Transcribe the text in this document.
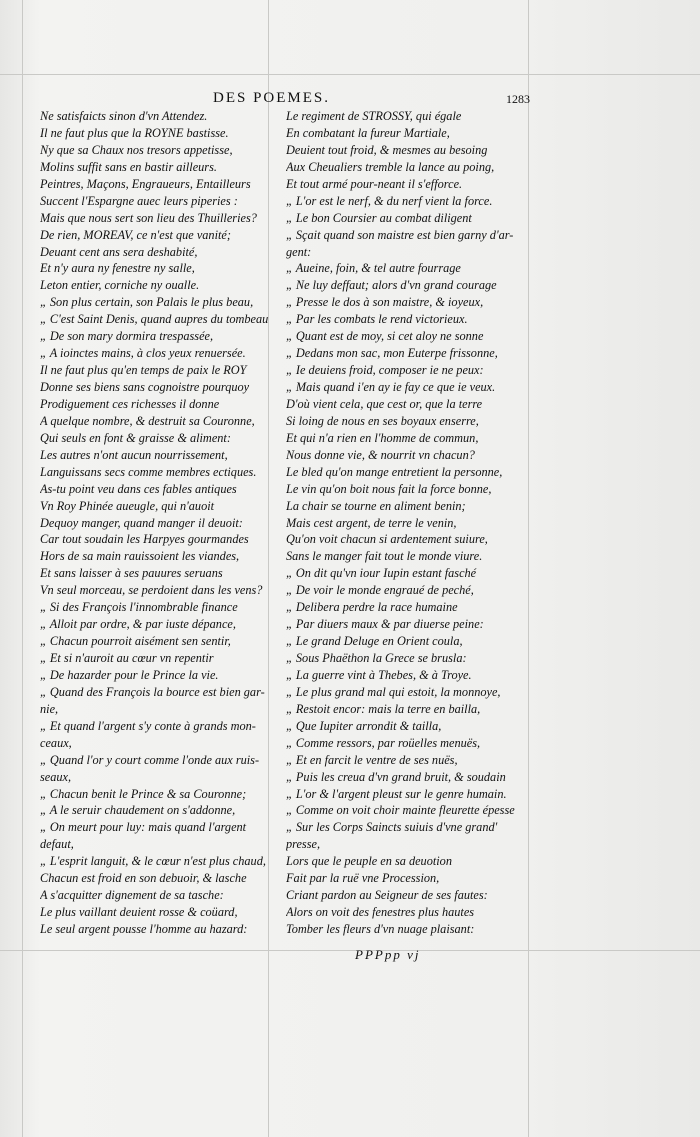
DES POEMES.	1283
Ne satisfaicts sinon d'vn Attendez.
Il ne faut plus que la ROYNE bastisse.
Ny que sa Chaux nos tresors appetisse,
Molins suffit sans en bastir ailleurs.
Peintres, Maçons, Engraueurs, Entailleurs
Succent l'Espargne auec leurs piperies :
Mais que nous sert son lieu des Thuilleries?
De rien, MOREAV, ce n'est que vanité;
Deuant cent ans sera deshabité,
Et n'y aura ny fenestre ny salle,
Leton entier, corniche ny oualle.
„ Son plus certain, son Palais le plus beau,
„ C'est Saint Denis, quand aupres du tombeau
„ De son mary dormira trespassée,
„ A ioinctes mains, à clos yeux renuersée.
Il ne faut plus qu'en temps de paix le ROY
Donne ses biens sans cognoistre pourquoy
Prodiguement ces richesses il donne
A quelque nombre, & destruit sa Couronne,
Qui seuls en font & graisse & aliment:
Les autres n'ont aucun nourrissement,
Languissans secs comme membres ectiques.
As-tu point veu dans ces fables antiques
Vn Roy Phinée aueugle, qui n'auoit
Dequoy manger, quand manger il deuoit:
Car tout soudain les Harpyes gourmandes
Hors de sa main rauissoient les viandes,
Et sans laisser à ses pauures seruans
Vn seul morceau, se perdoient dans les vens?
„ Si des François l'innombrable finance
„ Alloit par ordre, & par iuste dépance,
„ Chacun pourroit aisément sen sentir,
„ Et si n'auroit au cœur vn repentir
„ De hazarder pour le Prince la vie.
„ Quand des François la bource est bien gar-
nie,
„ Et quand l'argent s'y conte à grands mon-
ceaux,
„ Quand l'or y court comme l'onde aux ruis-
seaux,
„ Chacun benit le Prince & sa Couronne;
„ A le seruir chaudement on s'addonne,
„ On meurt pour luy: mais quand l'argent
defaut,
„ L'esprit languit, & le cœur n'est plus chaud,
Chacun est froid en son debuoir, & lasche
A s'acquitter dignement de sa tasche:
Le plus vaillant deuient rosse & coüard,
Le seul argent pousse l'homme au hazard:
Le regiment de STROSSY, qui égale
En combatant la fureur Martiale,
Deuient tout froid, & mesmes au besoing
Aux Cheualiers tremble la lance au poing,
Et tout armé pour-neant il s'efforce.
„ L'or est le nerf, & du nerf vient la force.
„ Le bon Coursier au combat diligent
„ Sçait quand son maistre est bien garny d'ar-
gent:
„ Aueine, foin, & tel autre fourrage
„ Ne luy deffaut; alors d'vn grand courage
„ Presse le dos à son maistre, & ioyeux,
„ Par les combats le rend victorieux.
„ Quant est de moy, si cet aloy ne sonne
„ Dedans mon sac, mon Euterpe frissonne,
„ Ie deuiens froid, composer ie ne peux:
„ Mais quand i'en ay ie fay ce que ie veux.
D'où vient cela, que cest or, que la terre
Si loing de nous en ses boyaux enserre,
Et qui n'a rien en l'homme de commun,
Nous donne vie, & nourrit vn chacun?
Le bled qu'on mange entretient la personne,
Le vin qu'on boit nous fait la force bonne,
La chair se tourne en aliment benin;
Mais cest argent, de terre le venin,
Qu'on voit chacun si ardentement suiure,
Sans le manger fait tout le monde viure.
„ On dit qu'vn iour Iupin estant fasché
„ De voir le monde engraué de peché,
„ Delibera perdre la race humaine
„ Par diuers maux & par diuerse peine:
„ Le grand Deluge en Orient coula,
„ Sous Phaëthon la Grece se brusla:
„ La guerre vint à Thebes, & à Troye.
„ Le plus grand mal qui estoit, la monnoye,
„ Restoit encor: mais la terre en bailla,
„ Que Iupiter arrondit & tailla,
„ Comme ressors, par roüelles menuës,
„ Et en farcit le ventre de ses nuës,
„ Puis les creua d'vn grand bruit, & soudain
„ L'or & l'argent pleust sur le genre humain.
„ Comme on voit choir mainte fleurette épesse
„ Sur les Corps Saincts suiuis d'vne grand'
presse,
Lors que le peuple en sa deuotion
Fait par la ruë vne Procession,
Criant pardon au Seigneur de ses fautes:
Alors on voit des fenestres plus hautes
Tomber les fleurs d'vn nuage plaisant:
PPPpp vj
